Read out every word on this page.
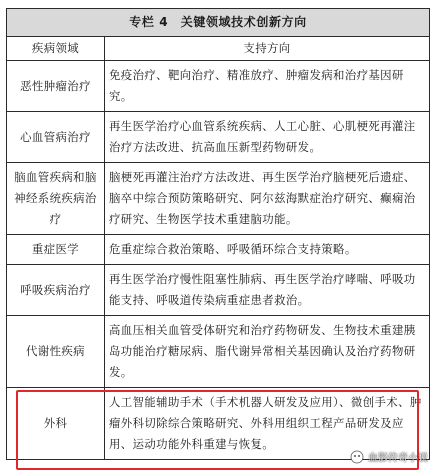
专栏 4　关键领域技术创新方向	
疾病领域	支持方向
恶性肿瘤治疗	免疫治疗、靶向治疗、精准放疗、肿瘤发病和治疗基因研究。
心血管病治疗	再生医学治疗心血管系统疾病、人工心脏、心肌梗死再灌注治疗方法改进、抗高血压新型药物研发。
脑血管疾病和脑神经系统疾病治疗	脑梗死再灌注治疗方法改进、再生医学治疗脑梗死后遗症、脑卒中综合预防策略研究、阿尔兹海默症治疗研究、癫痫治疗研究、生物医学技术重建脑功能。
重症医学	危重症综合救治策略、呼吸循环综合支持策略。
呼吸疾病治疗	再生医学治疗慢性阻塞性肺病、再生医学治疗哮喘、呼吸功能支持、呼吸道传染病重症患者救治。
代谢性疾病	高血压相关血管受体研究和治疗药物研发、生物技术重建胰岛功能治疗糖尿病、脂代谢异常相关基因确认及治疗药物研发。
外科	人工智能辅助手术（手术机器人研发及应用）、微创手术、肿瘤外科切除综合策略研究、外科用组织工程产品研发及应用、运动功能外科重建与恢复。
血影传奇小说
